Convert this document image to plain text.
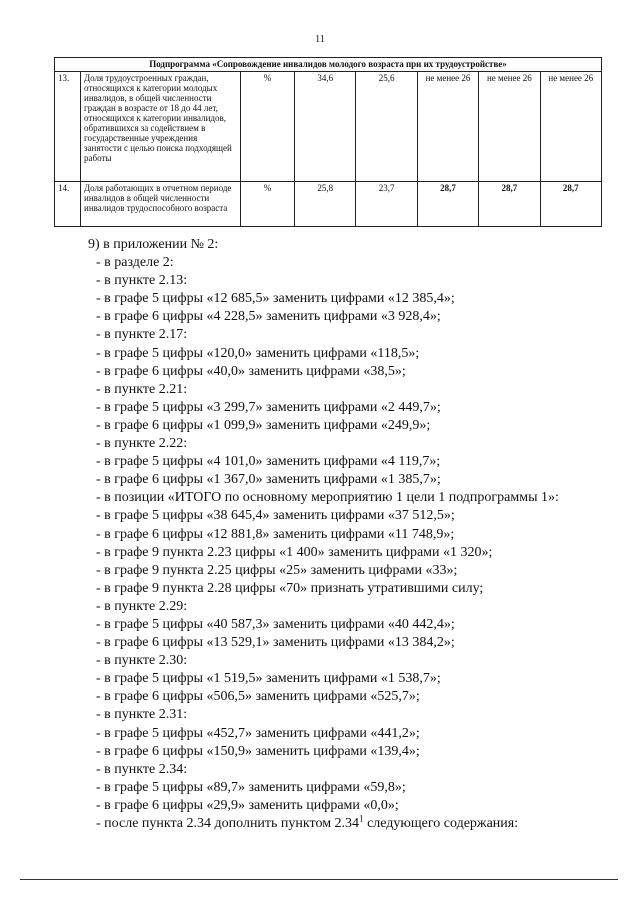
11
Подпрограмма «Сопровождение инвалидов молодого возраста при их трудоустройстве»							
13.	Доля трудоустроенных граждан, относящихся к категории молодых инвалидов, в общей численности граждан в возрасте от 18 до 44 лет, относящихся к категории инвалидов, обратившихся за содействием в государственные учреждения занятости с целью поиска подходящей работы	%	34,6	25,6	не менее 26	не менее 26	не менее 26
14.	Доля работающих в отчетном периоде инвалидов в общей численности инвалидов трудоспособного возраста	%	25,8	23,7	28,7	28,7	28,7
9) в приложении № 2:
- в разделе 2:
- в пункте 2.13:
- в графе 5 цифры «12 685,5» заменить цифрами «12 385,4»;
- в графе 6 цифры «4 228,5» заменить цифрами «3 928,4»;
- в пункте 2.17:
- в графе 5 цифры «120,0» заменить цифрами «118,5»;
- в графе 6 цифры «40,0» заменить цифрами «38,5»;
- в пункте 2.21:
- в графе 5 цифры «3 299,7» заменить цифрами «2 449,7»;
- в графе 6 цифры «1 099,9» заменить цифрами «249,9»;
- в пункте 2.22:
- в графе 5 цифры «4 101,0» заменить цифрами «4 119,7»;
- в графе 6 цифры «1 367,0» заменить цифрами «1 385,7»;
- в позиции «ИТОГО по основному мероприятию 1 цели 1 подпрограммы 1»:
- в графе 5 цифры «38 645,4» заменить цифрами «37 512,5»;
- в графе 6 цифры «12 881,8» заменить цифрами «11 748,9»;
- в графе 9 пункта 2.23 цифры «1 400» заменить цифрами «1 320»;
- в графе 9 пункта 2.25 цифры «25» заменить цифрами «33»;
- в графе 9 пункта 2.28 цифры «70» признать утратившими силу;
- в пункте 2.29:
- в графе 5 цифры «40 587,3» заменить цифрами «40 442,4»;
- в графе 6 цифры «13 529,1» заменить цифрами «13 384,2»;
- в пункте 2.30:
- в графе 5 цифры «1 519,5» заменить цифрами «1 538,7»;
- в графе 6 цифры «506,5» заменить цифрами «525,7»;
- в пункте 2.31:
- в графе 5 цифры «452,7» заменить цифрами «441,2»;
- в графе 6 цифры «150,9» заменить цифрами «139,4»;
- в пункте 2.34:
- в графе 5 цифры «89,7» заменить цифрами «59,8»;
- в графе 6 цифры «29,9» заменить цифрами «0,0»;
- после пункта 2.34 дополнить пунктом 2.34$^1$ следующего содержания:
